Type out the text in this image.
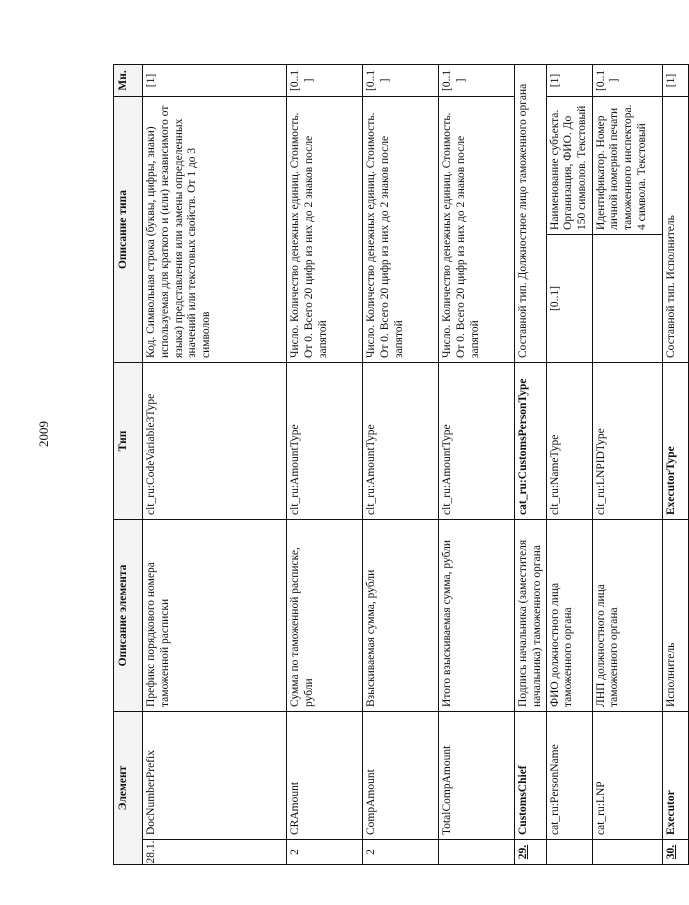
2009
Элемент		Описание элемента	Тип	Описание типа		Мн.
28.1.	DocNumberPrefix	Префикс порядкового номера таможенной расписки	clt_ru:CodeVariable3Type	Код. Символьная строка (буквы, цифры, знаки) используемая для краткого и (или) независимого от языка) представления или замены определенных значений или текстовых свойств. От 1 до 3 символов		[1]
2	CRAmount	Сумма по таможенной расписке, рубли	clt_ru:AmountType	Число. Количество денежных единиц. Стоимость. От 0. Всего 20 цифр из них до 2 знаков после запятой		[0..1]
2	CompAmount	Взыскиваемая сумма, рубли	clt_ru:AmountType	Число. Количество денежных единиц. Стоимость. От 0. Всего 20 цифр из них до 2 знаков после запятой		[0..1]
	TotalCompAmount	Итого взыскиваемая сумма, рубли	clt_ru:AmountType	Число. Количество денежных единиц. Стоимость. От 0. Всего 20 цифр из них до 2 знаков после запятой		[0..1]
29.	CustomsChief	Подпись начальника (заместителя начальника) таможенного органа	cat_ru:CustomsPersonType	Составной тип. Должностное лицо таможенного органа		
	cat_ru:PersonName	ФИО должностного лица таможенного органа	clt_ru:NameType	[0..1]	Наименование субъекта. Организация, ФИО. До 150 символов. Текстовый	[1]
	cat_ru:LNP	ЛНП должностного лица таможенного органа	clt_ru:LNPIDType		Идентификатор. Номер личной номерной печати таможенного инспектора. 4 символа. Текстовый	[0..1]
30.	Executor	Исполнитель	ExecutorType	Составной тип. Исполнитель		[1]
